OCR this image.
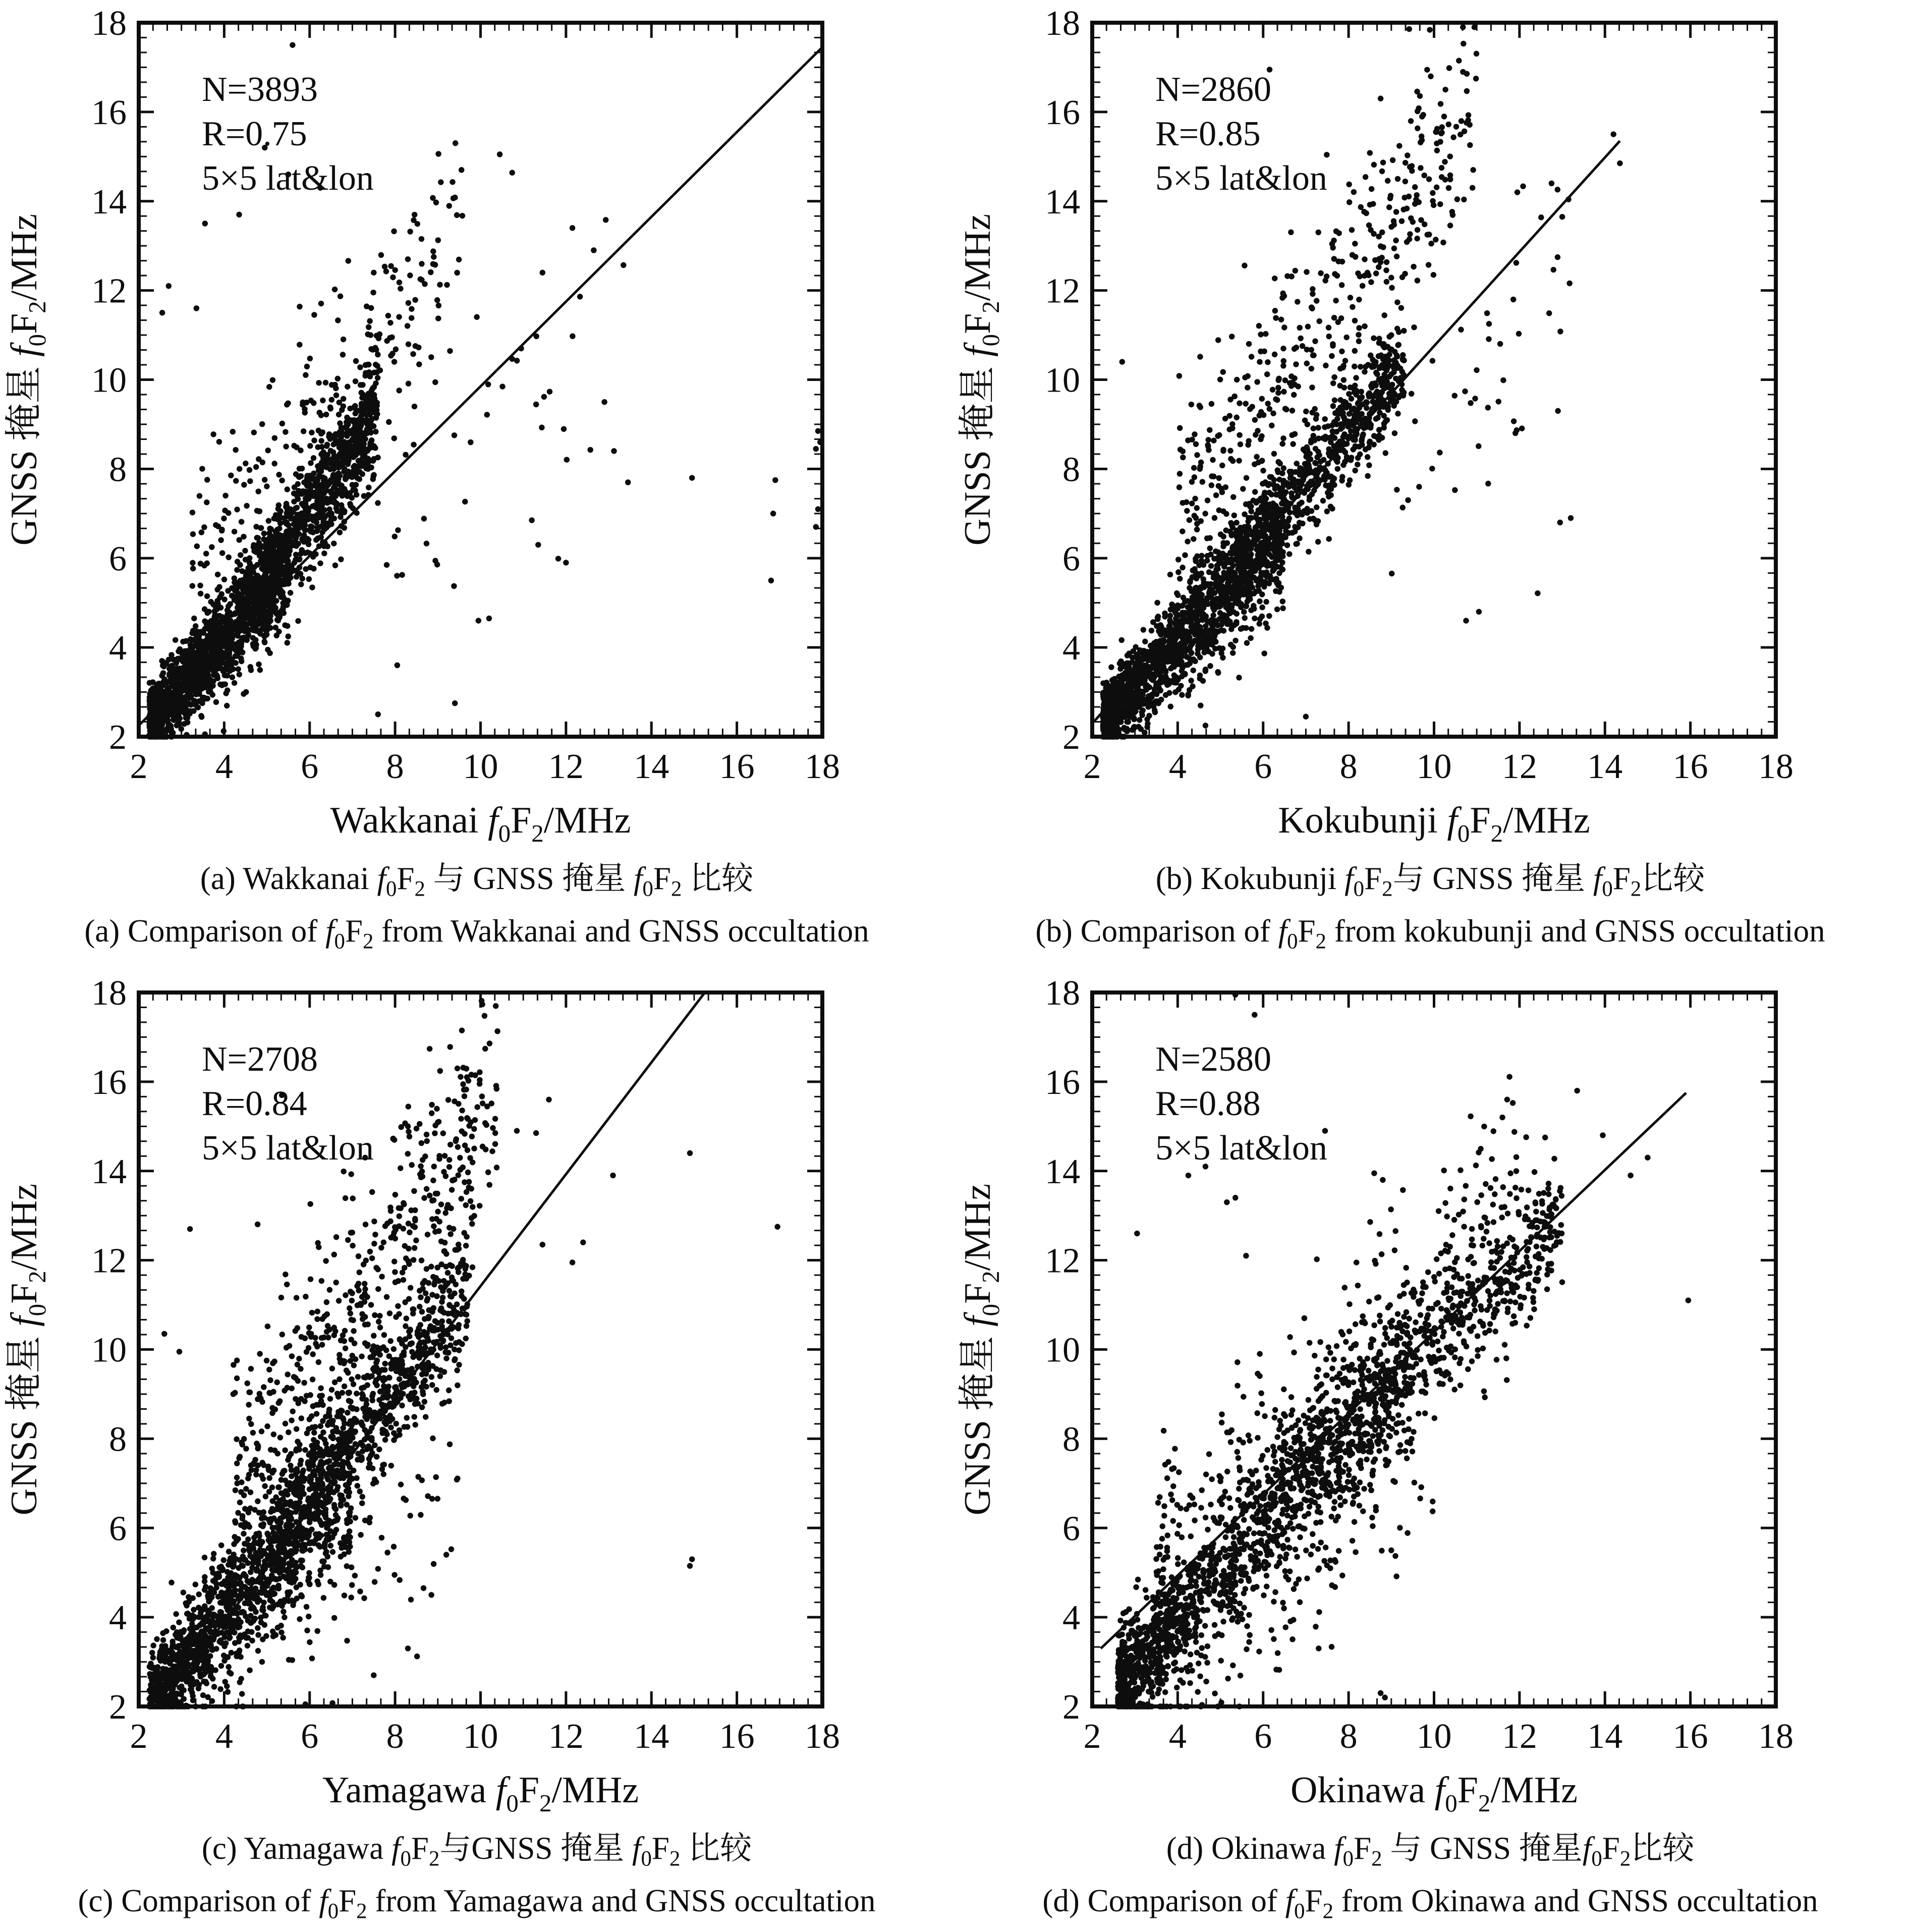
2
2
4
4
6
6
8
8
10
10
12
12
14
14
16
16
18
18
N=3893
R=0.75
5×5 lat&lon
Wakkanai $f_0F_2$/MHz
GNSS 掩星 $f_0F_2$/MHz
(a) Wakkanai $f_0F_2$ 与 GNSS 掩星 $f_0F_2$ 比较
(a) Comparison of $f_0F_2$ from Wakkanai and GNSS occultation
2
2
4
4
6
6
8
8
10
10
12
12
14
14
16
16
18
18
N=2860
R=0.85
5×5 lat&lon
Kokubunji $f_0F_2$/MHz
GNSS 掩星 $f_0F_2$/MHz
(b) Kokubunji $f_0F_2$与 GNSS 掩星 $f_0F_2$比较
(b) Comparison of $f_0F_2$ from kokubunji and GNSS occultation
2
2
4
4
6
6
8
8
10
10
12
12
14
14
16
16
18
18
N=2708
R=0.84
5×5 lat&lon
Yamagawa $f_0F_2$/MHz
GNSS 掩星 $f_0F_2$/MHz
(c) Yamagawa $f_0F_2$与GNSS 掩星 $f_0F_2$ 比较
(c) Comparison of $f_0F_2$ from Yamagawa and GNSS occultation
2
2
4
4
6
6
8
8
10
10
12
12
14
14
16
16
18
18
N=2580
R=0.88
5×5 lat&lon
Okinawa $f_0F_2$/MHz
GNSS 掩星 $f_0F_2$/MHz
(d) Okinawa $f_0F_2$ 与 GNSS 掩星$f_0F_2$比较
(d) Comparison of $f_0F_2$ from Okinawa and GNSS occultation
